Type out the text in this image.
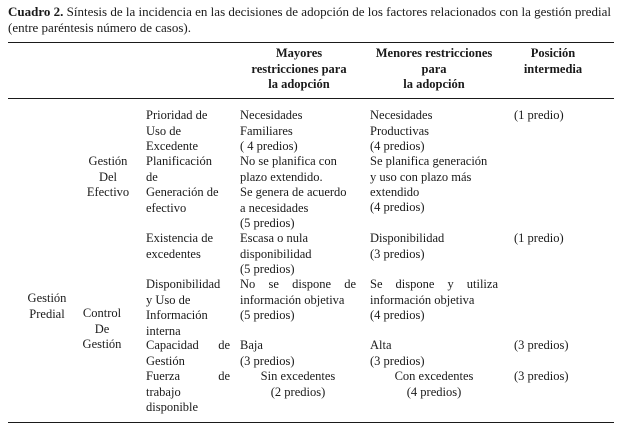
Cuadro 2. Síntesis de la incidencia en las decisiones de adopción de los factores relacionados con la gestión predial (entre paréntesis número de casos).
Mayores
restricciones para
la adopción
Menores restricciones
para
la adopción
Posición
intermedia
Gestión
Predial
Gestión
Del
Efectivo
Control
De
Gestión
Prioridad de
Uso de
Excedente
Necesidades
Familiares
( 4 predios)
Necesidades
Productivas
(4 predios)
(1 predio)
Planificación
de
No se planifica con
plazo extendido.
Se planifica generación
y uso con plazo más
extendido
Generación de
efectivo
Se genera de acuerdo
a necesidades
(5 predios)
(4 predios)
Existencia de
excedentes
Escasa o nula
disponibilidad
(5 predios)
Disponibilidad
(3 predios)
(1 predio)
Disponibilidad
y Uso de
Información
interna
No se dispone de
información objetiva
(5 predios)
Se dispone y utiliza
información objetiva
(4 predios)
Capacidad de
Gestión
Baja
(3 predios)
Alta
(3 predios)
(3 predios)
Fuerza de
trabajo
disponible
Sin excedentes
(2 predios)
Con excedentes
(4 predios)
(3 predios)
